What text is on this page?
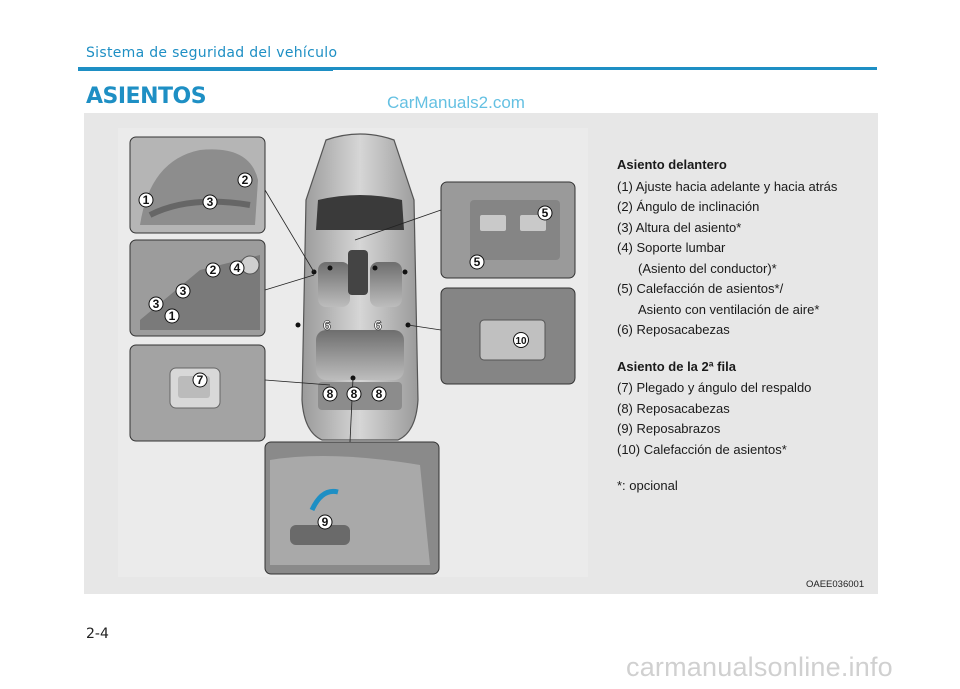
Sistema de seguridad del vehículo
ASIENTOS
1
2
3
1
3
3
2 4
7
5
5
10
6	6
8 8 8
9
CarManuals2.com
Asiento delantero
(1) Ajuste hacia adelante y hacia atrás
(2) Ángulo de inclinación
(3) Altura del asiento*
(4) Soporte lumbar
(Asiento del conductor)*
(5) Calefacción de asientos*/
Asiento con ventilación de aire*
(6) Reposacabezas
Asiento de la 2ª fila
(7) Plegado y ángulo del respaldo
(8) Reposacabezas
(9) Reposabrazos
(10) Calefacción de asientos*
*: opcional
OAEE036001
2-4
carmanualsonline.info
